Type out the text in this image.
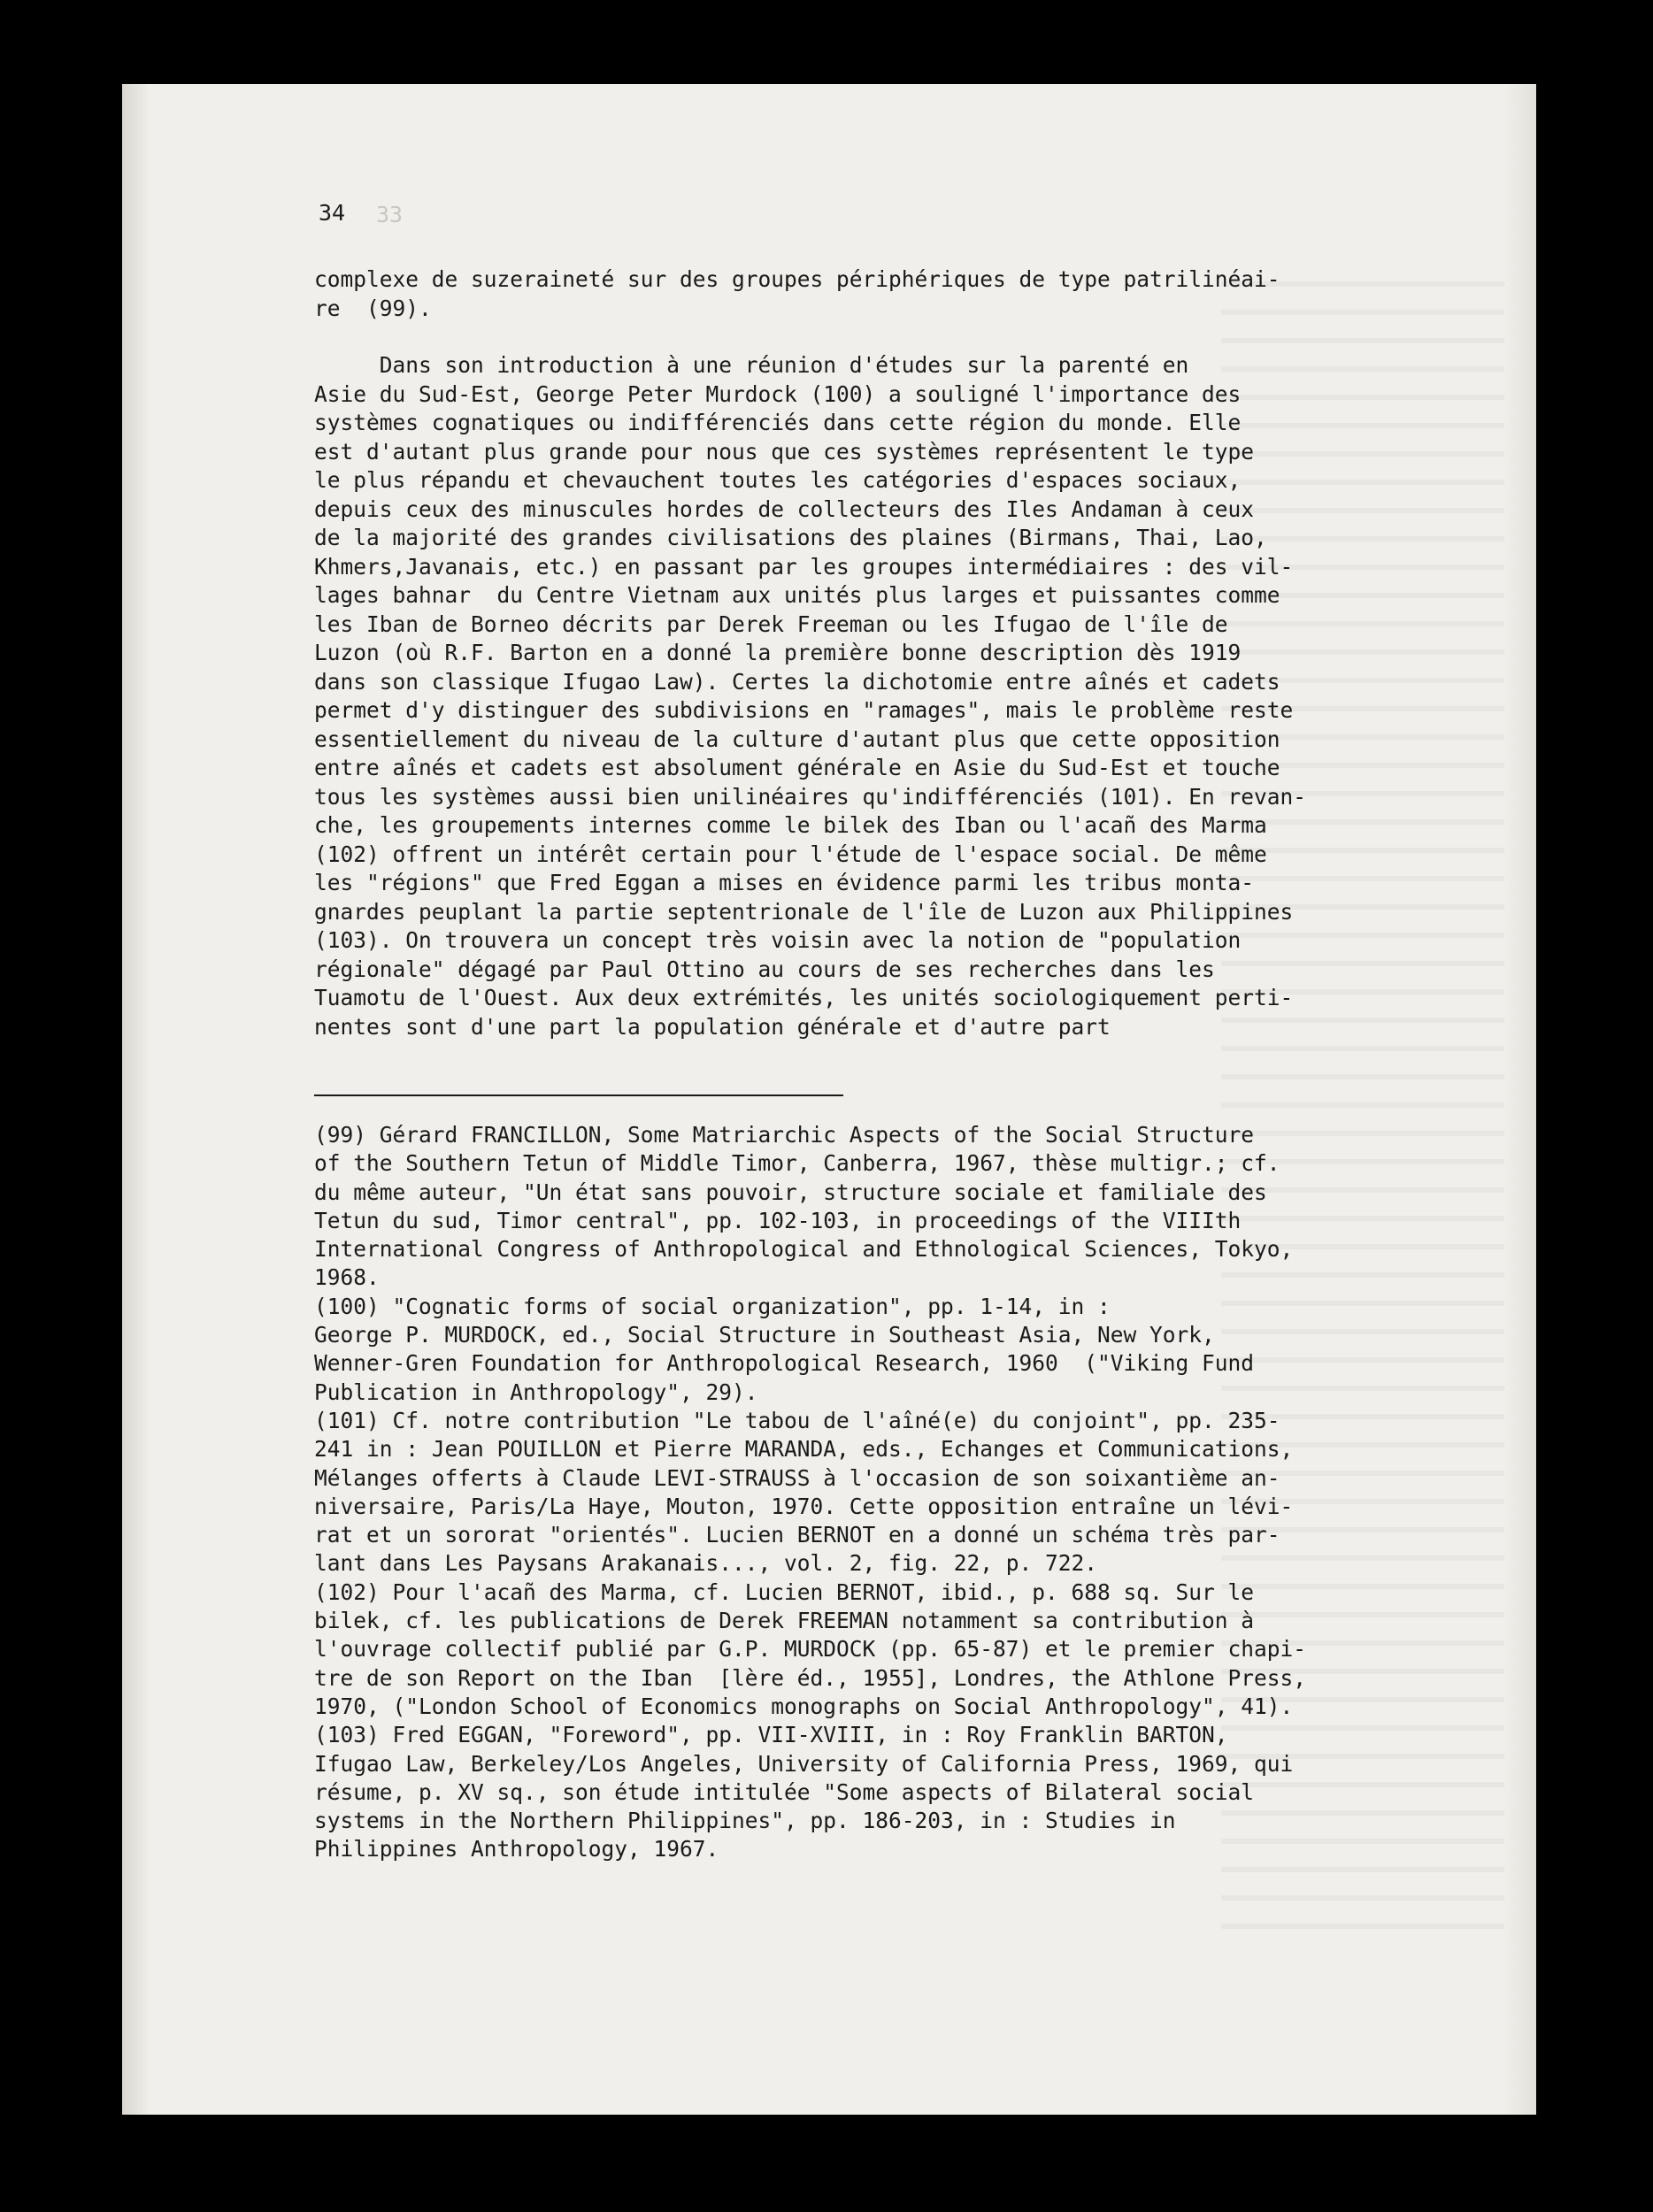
34 33

complexe de suzeraineté sur des groupes périphériques de type patrilinéai-

re  (99).

Dans son introduction à une réunion d'études sur la parenté en

Asie du Sud-Est, George Peter Murdock (100) a souligné l'importance des

systèmes cognatiques ou indifférenciés dans cette région du monde. Elle

est d'autant plus grande pour nous que ces systèmes représentent le type

le plus répandu et chevauchent toutes les catégories d'espaces sociaux,

depuis ceux des minuscules hordes de collecteurs des Iles Andaman à ceux

de la majorité des grandes civilisations des plaines (Birmans, Thai, Lao,

Khmers,Javanais, etc.) en passant par les groupes intermédiaires : des vil-

lages bahnar  du Centre Vietnam aux unités plus larges et puissantes comme

les Iban de Borneo décrits par Derek Freeman ou les Ifugao de l'île de

Luzon (où R.F. Barton en a donné la première bonne description dès 1919

dans son classique Ifugao Law). Certes la dichotomie entre aînés et cadets

permet d'y distinguer des subdivisions en "ramages", mais le problème reste

essentiellement du niveau de la culture d'autant plus que cette opposition

entre aînés et cadets est absolument générale en Asie du Sud-Est et touche

tous les systèmes aussi bien unilinéaires qu'indifférenciés (101). En revan-

che, les groupements internes comme le bilek des Iban ou l'acañ des Marma

(102) offrent un intérêt certain pour l'étude de l'espace social. De même

les "régions" que Fred Eggan a mises en évidence parmi les tribus monta-

gnardes peuplant la partie septentrionale de l'île de Luzon aux Philippines

(103). On trouvera un concept très voisin avec la notion de "population

régionale" dégagé par Paul Ottino au cours de ses recherches dans les

Tuamotu de l'Ouest. Aux deux extrémités, les unités sociologiquement perti-

nentes sont d'une part la population générale et d'autre part

(99) Gérard FRANCILLON, Some Matriarchic Aspects of the Social Structure

of the Southern Tetun of Middle Timor, Canberra, 1967, thèse multigr.; cf.

du même auteur, "Un état sans pouvoir, structure sociale et familiale des

Tetun du sud, Timor central", pp. 102-103, in proceedings of the VIIIth

International Congress of Anthropological and Ethnological Sciences, Tokyo,

1968.

(100) "Cognatic forms of social organization", pp. 1-14, in :

George P. MURDOCK, ed., Social Structure in Southeast Asia, New York,

Wenner-Gren Foundation for Anthropological Research, 1960  ("Viking Fund

Publication in Anthropology", 29).

(101) Cf. notre contribution "Le tabou de l'aîné(e) du conjoint", pp. 235-

241 in : Jean POUILLON et Pierre MARANDA, eds., Echanges et Communications,

Mélanges offerts à Claude LEVI-STRAUSS à l'occasion de son soixantième an-

niversaire, Paris/La Haye, Mouton, 1970. Cette opposition entraîne un lévi-

rat et un sororat "orientés". Lucien BERNOT en a donné un schéma très par-

lant dans Les Paysans Arakanais..., vol. 2, fig. 22, p. 722.

(102) Pour l'acañ des Marma, cf. Lucien BERNOT, ibid., p. 688 sq. Sur le

bilek, cf. les publications de Derek FREEMAN notamment sa contribution à

l'ouvrage collectif publié par G.P. MURDOCK (pp. 65-87) et le premier chapi-

tre de son Report on the Iban  [lère éd., 1955], Londres, the Athlone Press,

1970, ("London School of Economics monographs on Social Anthropology", 41).

(103) Fred EGGAN, "Foreword", pp. VII-XVIII, in : Roy Franklin BARTON,

Ifugao Law, Berkeley/Los Angeles, University of California Press, 1969, qui

résume, p. XV sq., son étude intitulée "Some aspects of Bilateral social

systems in the Northern Philippines", pp. 186-203, in : Studies in

Philippines Anthropology, 1967.
